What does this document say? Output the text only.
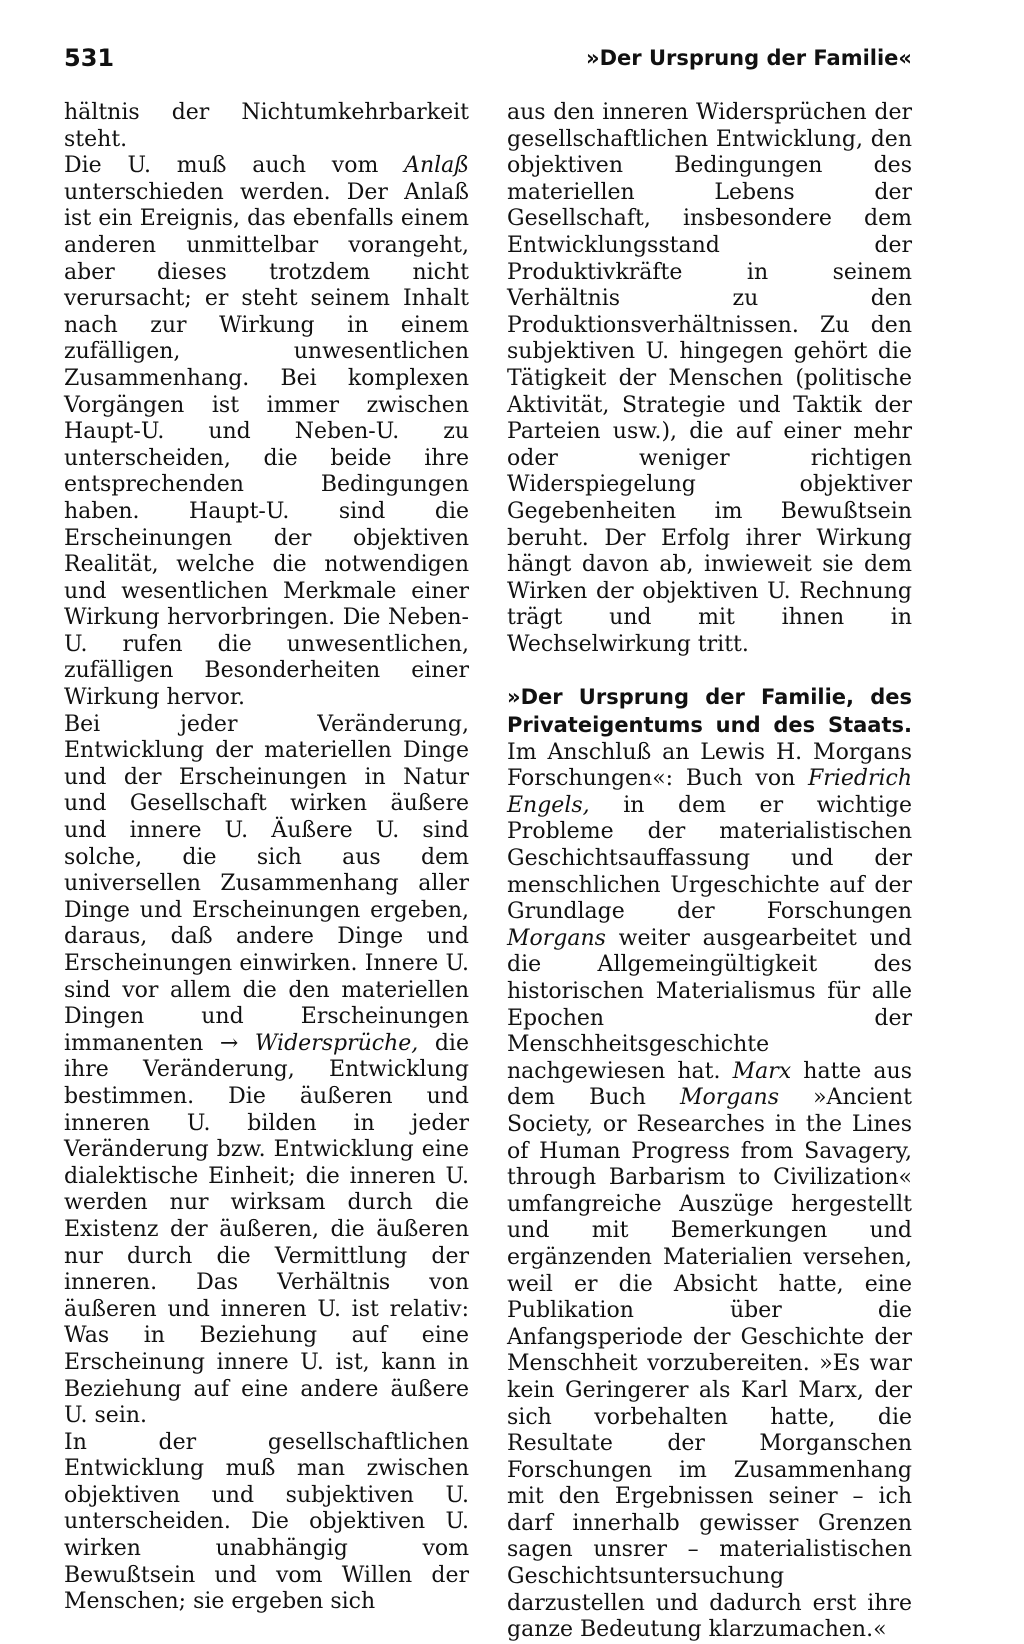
531	»Der Ursprung der Familie«

hältnis der Nichtumkehrbarkeit steht.

Die U. muß auch vom Anlaß unterschieden werden. Der Anlaß ist ein Ereignis, das ebenfalls einem anderen unmittelbar vorangeht, aber dieses trotzdem nicht verursacht; er steht seinem Inhalt nach zur Wirkung in einem zufälligen, unwesentlichen Zusammenhang. Bei komplexen Vorgängen ist immer zwischen Haupt-U. und Neben-U. zu unterscheiden, die beide ihre entsprechenden Bedingungen haben. Haupt-U. sind die Erscheinungen der objektiven Realität, welche die notwendigen und wesentlichen Merkmale einer Wirkung hervorbringen. Die Neben-U. rufen die unwesentlichen, zufälligen Besonderheiten einer Wirkung hervor.

Bei jeder Veränderung, Entwicklung der materiellen Dinge und der Erscheinungen in Natur und Gesellschaft wirken äußere und innere U. Äußere U. sind solche, die sich aus dem universellen Zusammenhang aller Dinge und Erscheinungen ergeben, daraus, daß andere Dinge und Erscheinungen einwirken. Innere U. sind vor allem die den materiellen Dingen und Erscheinungen immanenten → Widersprüche, die ihre Veränderung, Entwicklung bestimmen. Die äußeren und inneren U. bilden in jeder Veränderung bzw. Entwicklung eine dialektische Einheit; die inneren U. werden nur wirksam durch die Existenz der äußeren, die äußeren nur durch die Vermittlung der inneren. Das Verhältnis von äußeren und inneren U. ist relativ: Was in Beziehung auf eine Erscheinung innere U. ist, kann in Beziehung auf eine andere äußere U. sein.

In der gesellschaftlichen Entwicklung muß man zwischen objektiven und subjektiven U. unterscheiden. Die objektiven U. wirken unabhängig vom Bewußtsein und vom Willen der Menschen; sie ergeben sich

aus den inneren Widersprüchen der gesellschaftlichen Entwicklung, den objektiven Bedingungen des materiellen Lebens der Gesellschaft, insbesondere dem Entwicklungsstand der Produktivkräfte in seinem Verhältnis zu den Produktionsverhältnissen. Zu den subjektiven U. hingegen gehört die Tätigkeit der Menschen (politische Aktivität, Strategie und Taktik der Parteien usw.), die auf einer mehr oder weniger richtigen Widerspiegelung objektiver Gegebenheiten im Bewußtsein beruht. Der Erfolg ihrer Wirkung hängt davon ab, inwieweit sie dem Wirken der objektiven U. Rechnung trägt und mit ihnen in Wechselwirkung tritt.

»Der Ursprung der Familie, des Privateigentums und des Staats. Im Anschluß an Lewis H. Morgans Forschungen«: Buch von Friedrich Engels, in dem er wichtige Probleme der materialistischen Geschichtsauffassung und der menschlichen Urgeschichte auf der Grundlage der Forschungen Morgans weiter ausgearbeitet und die Allgemeingültigkeit des historischen Materialismus für alle Epochen der Menschheitsgeschichte nachgewiesen hat. Marx hatte aus dem Buch Morgans »Ancient Society, or Researches in the Lines of Human Progress from Savagery, through Barbarism to Civilization« umfangreiche Auszüge hergestellt und mit Bemerkungen und ergänzenden Materialien versehen, weil er die Absicht hatte, eine Publikation über die Anfangsperiode der Geschichte der Menschheit vorzubereiten. »Es war kein Geringerer als Karl Marx, der sich vorbehalten hatte, die Resultate der Morganschen Forschungen im Zusammenhang mit den Ergebnissen seiner – ich darf innerhalb gewisser Grenzen sagen unsrer – materialistischen Geschichtsuntersuchung darzustellen und dadurch erst ihre ganze Bedeutung klarzumachen.«
